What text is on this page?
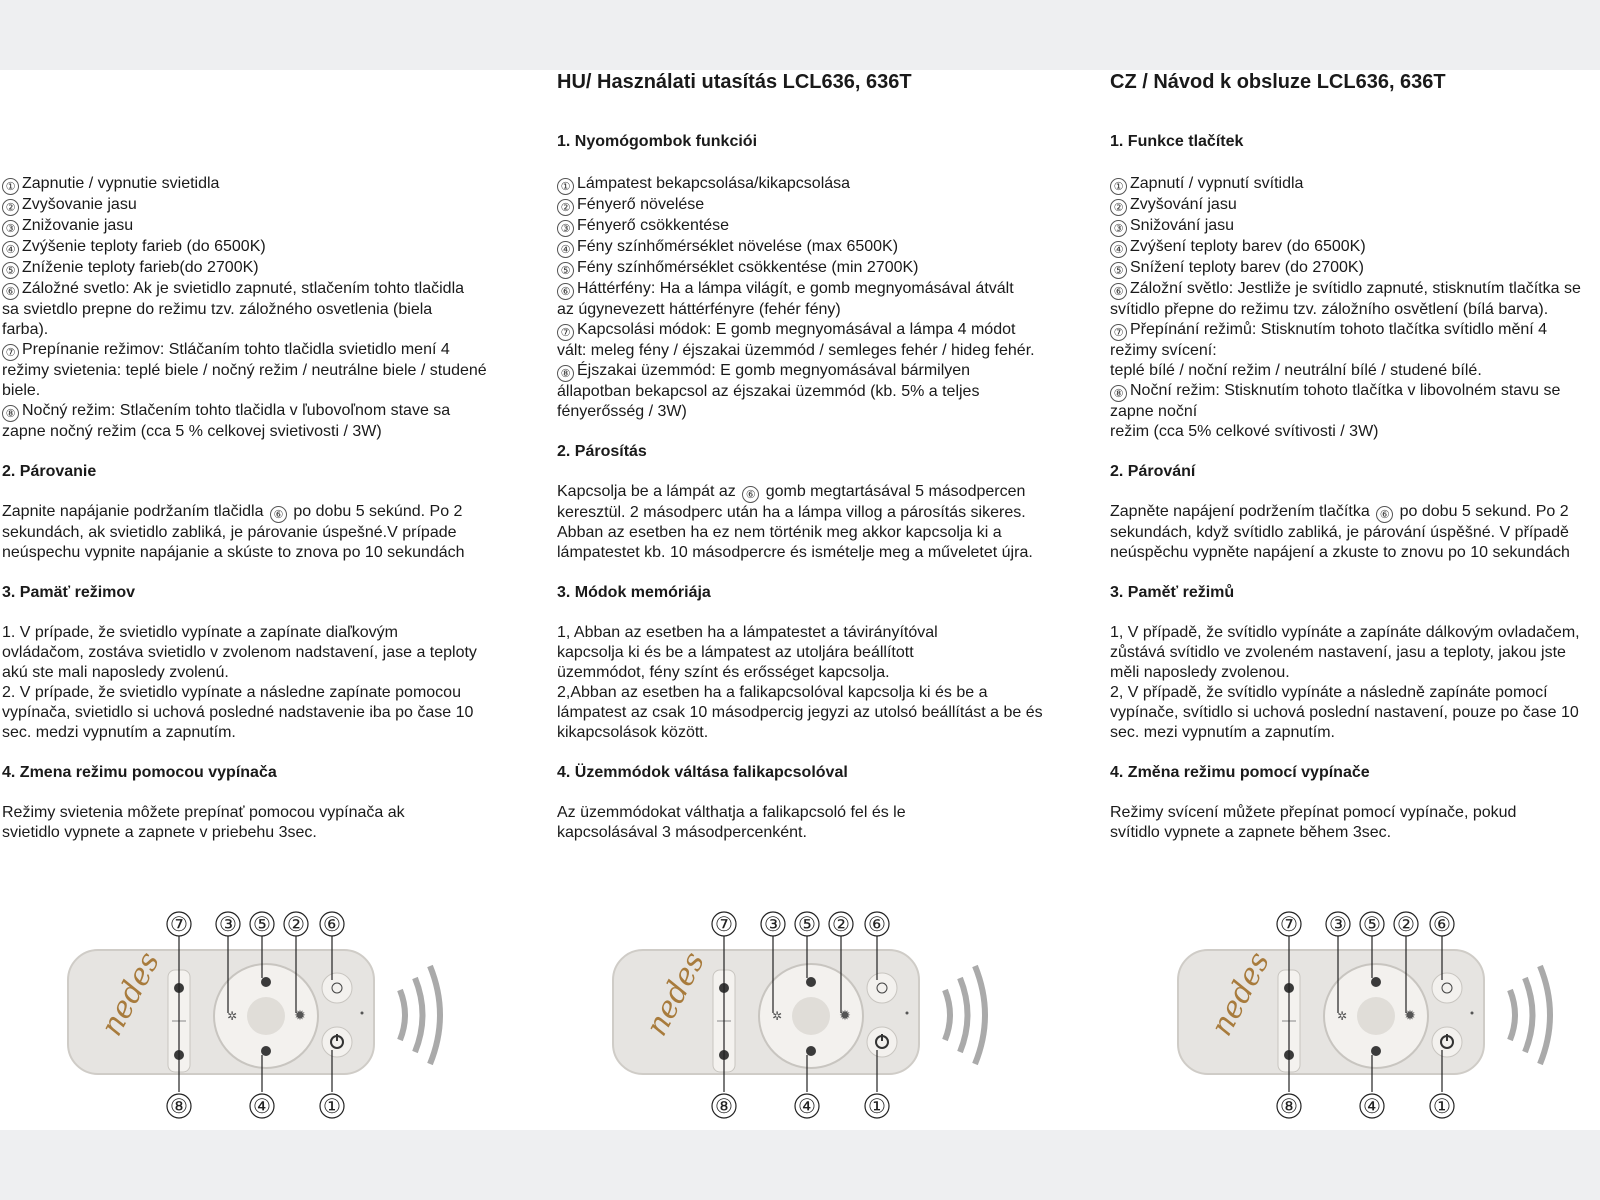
① Zapnutie / vypnutie svietidla

② Zvyšovanie jasu

③ Znižovanie jasu

④ Zvýšenie teploty farieb (do 6500K)

⑤ Zníženie teploty farieb(do 2700K)

⑥ Záložné svetlo: Ak je svietidlo zapnuté, stlačením tohto tlačidla sa svietdlo prepne do režimu tzv. záložného osvetlenia (biela farba).

⑦ Prepínanie režimov: Stláčaním tohto tlačidla svietidlo mení 4 režimy svietenia: teplé biele / nočný režim / neutrálne biele / studené biele.

⑧ Nočný režim: Stlačením tohto tlačidla v ľubovoľnom stave sa zapne nočný režim (cca 5 % celkovej svietivosti / 3W)

2. Párovanie

Zapnite napájanie podržaním tlačidla ⑥ po dobu 5 sekúnd. Po 2 sekundách, ak svietidlo zabliká, je párovanie úspešné.V prípade neúspechu vypnite napájanie a skúste to znova po 10 sekundách

3. Pamäť režimov

1. V prípade, že svietidlo vypínate a zapínate diaľkovým ovládačom, zostáva svietidlo v zvolenom nadstavení, jase a teploty akú ste mali naposledy zvolenú.

2. V prípade, že svietidlo vypínate a následne zapínate pomocou vypínača, svietidlo si uchová posledné nadstavenie iba po čase 10 sec. medzi vypnutím a zapnutím.

4. Zmena režimu pomocou vypínača

Režimy svietenia môžete prepínať pomocou vypínača ak svietidlo vypnete a zapnete v priebehu 3sec.

HU/ Használati utasítás LCL636, 636T

1. Nyomógombok funkciói

① Lámpatest bekapcsolása/kikapcsolása

② Fényerő növelése

③ Fényerő csökkentése

④ Fény színhőmérséklet növelése (max 6500K)

⑤ Fény színhőmérséklet csökkentése (min 2700K)

⑥ Háttérfény: Ha a lámpa világít, e gomb megnyomásával átvált az úgynevezett háttérfényre (fehér fény)

⑦ Kapcsolási módok: E gomb megnyomásával a lámpa 4 módot vált: meleg fény / éjszakai üzemmód / semleges fehér / hideg fehér.

⑧ Éjszakai üzemmód: E gomb megnyomásával bármilyen állapotban bekapcsol az éjszakai üzemmód (kb. 5% a teljes fényerősség / 3W)

2. Párosítás

Kapcsolja be a lámpát az ⑥ gomb megtartásával 5 másodpercen keresztül. 2 másodperc után ha a lámpa villog a párosítás sikeres. Abban az esetben ha ez nem történik meg akkor kapcsolja ki a lámpatestet kb. 10 másodpercre és ismételje meg a műveletet újra.

3. Módok memóriája

1, Abban az esetben ha a lámpatestet a távirányítóval kapcsolja ki és be a lámpatest az utoljára beállított üzemmódot, fény színt és erősséget kapcsolja.

2,Abban az esetben ha a falikapcsolóval kapcsolja ki és be a lámpatest az csak 10 másodpercig jegyzi az utolsó beállítást a be és kikapcsolások között.

4. Üzemmódok váltása falikapcsolóval

Az üzemmódokat válthatja a falikapcsoló fel és le kapcsolásával 3 másodpercenként.

CZ / Návod k obsluze LCL636, 636T

1. Funkce tlačítek

① Zapnutí / vypnutí svítidla

② Zvyšování jasu

③ Snižování jasu

④ Zvýšení teploty barev (do 6500K)

⑤ Snížení teploty barev (do 2700K)

⑥ Záložní světlo: Jestliže je svítidlo zapnuté, stisknutím tlačítka se svítidlo přepne do režimu tzv. záložního osvětlení (bílá barva).

⑦ Přepínání režimů: Stisknutím tohoto tlačítka svítidlo mění 4 režimy svícení:
teplé bílé / noční režim / neutrální bílé / studené bílé.

⑧ Noční režim: Stisknutím tohoto tlačítka v libovolném stavu se zapne noční
režim (cca 5% celkové svítivosti / 3W)

2. Párování

Zapněte napájení podržením tlačítka ⑥ po dobu 5 sekund. Po 2 sekundách, když svítidlo zabliká, je párování úspěšné. V případě neúspěchu vypněte napájení a zkuste to znovu po 10 sekundách

3. Paměť režimů

1, V případě, že svítidlo vypínáte a zapínáte dálkovým ovladačem, zůstává svítidlo ve zvoleném nastavení, jasu a teploty, jakou jste měli naposledy zvolenou.

2, V případě, že svítidlo vypínáte a následně zapínáte pomocí vypínače, svítidlo si uchová poslední nastavení, pouze po čase 10 sec. mezi vypnutím a zapnutím.

4. Změna režimu pomocí vypínače

Režimy svícení můžete přepínat pomocí vypínače, pokud svítidlo vypnete a zapnete během 3sec.

✲	✹
nedes
⑦ ③ ⑤ ② ⑥
⑧	④	①
✲	✹
nedes
⑦ ③ ⑤ ② ⑥
⑧	④	①
✲	✹
nedes
⑦ ③ ⑤ ② ⑥
⑧	④	①
